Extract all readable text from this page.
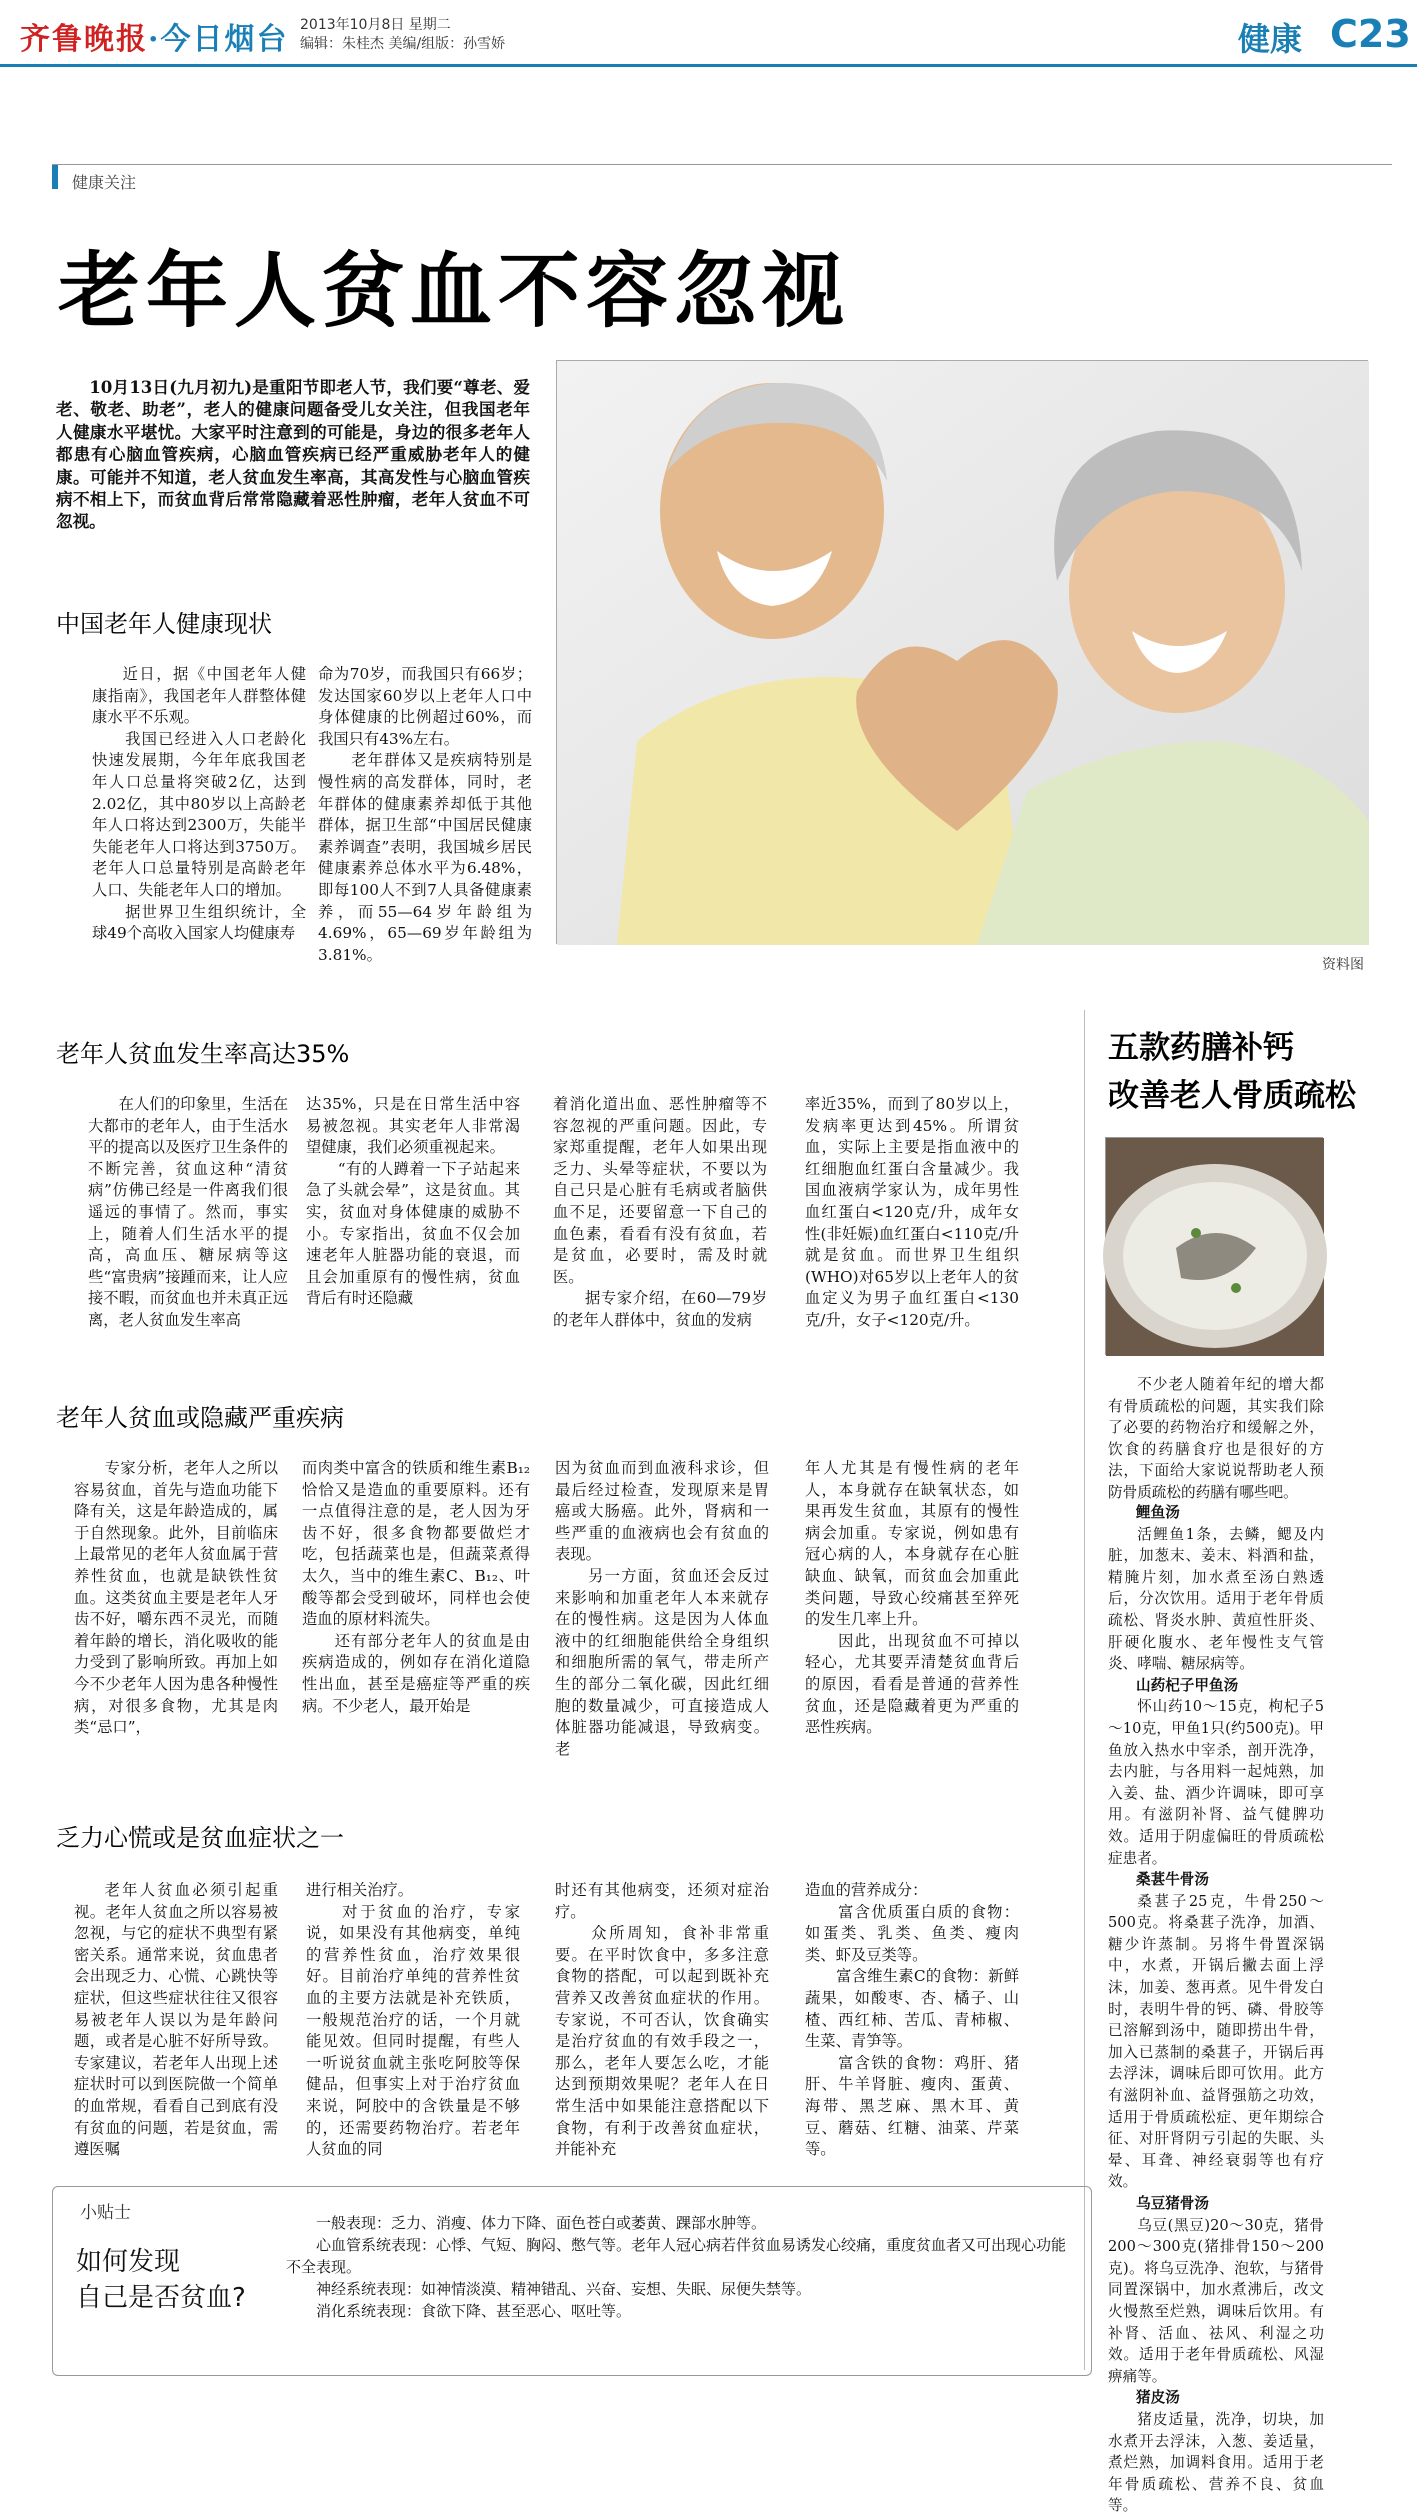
齐鲁晚报·今日烟台 2013年10月8日 星期二
编辑：朱桂杰 美编/组版：孙雪娇	健康 C23
健康关注
老年人贫血不容忽视
10月13日(九月初九)是重阳节即老人节，我们要“尊老、爱老、敬老、助老”，老人的健康问题备受儿女关注，但我国老年人健康水平堪忧。大家平时注意到的可能是，身边的很多老年人都患有心脑血管疾病，心脑血管疾病已经严重威胁老年人的健康。可能并不知道，老人贫血发生率高，其高发性与心脑血管疾病不相上下，而贫血背后常常隐藏着恶性肿瘤，老年人贫血不可忽视。
资料图
中国老年人健康现状
近日，据《中国老年人健康指南》，我国老年人群整体健康水平不乐观。
　　我国已经进入人口老龄化快速发展期，今年年底我国老年人口总量将突破2亿，达到2.02亿，其中80岁以上高龄老年人口将达到2300万，失能半失能老年人口将达到3750万。老年人口总量特别是高龄老年人口、失能老年人口的增加。
　　据世界卫生组织统计，全球49个高收入国家人均健康寿
命为70岁，而我国只有66岁；发达国家60岁以上老年人口中身体健康的比例超过60%，而我国只有43%左右。
　　老年群体又是疾病特别是慢性病的高发群体，同时，老年群体的健康素养却低于其他群体，据卫生部“中国居民健康素养调查”表明，我国城乡居民健康素养总体水平为6.48%，即每100人不到7人具备健康素养，而55—64岁年龄组为4.69%，65—69岁年龄组为3.81%。
老年人贫血发生率高达35%
在人们的印象里，生活在大都市的老年人，由于生活水平的提高以及医疗卫生条件的不断完善，贫血这种“清贫病”仿佛已经是一件离我们很遥远的事情了。然而，事实上，随着人们生活水平的提高，高血压、糖尿病等这些“富贵病”接踵而来，让人应接不暇，而贫血也并未真正远离，老人贫血发生率高
达35%，只是在日常生活中容易被忽视。其实老年人非常渴望健康，我们必须重视起来。
　　“有的人蹲着一下子站起来急了头就会晕”，这是贫血。其实，贫血对身体健康的威胁不小。专家指出，贫血不仅会加速老年人脏器功能的衰退，而且会加重原有的慢性病，贫血背后有时还隐藏
着消化道出血、恶性肿瘤等不容忽视的严重问题。因此，专家郑重提醒，老年人如果出现乏力、头晕等症状，不要以为自己只是心脏有毛病或者脑供血不足，还要留意一下自己的血色素，看看有没有贫血，若是贫血，必要时，需及时就医。
　　据专家介绍，在60—79岁的老年人群体中，贫血的发病
率近35%，而到了80岁以上，发病率更达到45%。所谓贫血，实际上主要是指血液中的红细胞血红蛋白含量减少。我国血液病学家认为，成年男性血红蛋白<120克/升，成年女性(非妊娠)血红蛋白<110克/升就是贫血。而世界卫生组织(WHO)对65岁以上老年人的贫血定义为男子血红蛋白<130克/升，女子<120克/升。
老年人贫血或隐藏严重疾病
专家分析，老年人之所以容易贫血，首先与造血功能下降有关，这是年龄造成的，属于自然现象。此外，目前临床上最常见的老年人贫血属于营养性贫血，也就是缺铁性贫血。这类贫血主要是老年人牙齿不好，嚼东西不灵光，而随着年龄的增长，消化吸收的能力受到了影响所致。再加上如今不少老年人因为患各种慢性病，对很多食物，尤其是肉类“忌口”，
而肉类中富含的铁质和维生素B₁₂恰恰又是造血的重要原料。还有一点值得注意的是，老人因为牙齿不好，很多食物都要做烂才吃，包括蔬菜也是，但蔬菜煮得太久，当中的维生素C、B₁₂、叶酸等都会受到破坏，同样也会使造血的原材料流失。
　　还有部分老年人的贫血是由疾病造成的，例如存在消化道隐性出血，甚至是癌症等严重的疾病。不少老人，最开始是
因为贫血而到血液科求诊，但最后经过检查，发现原来是胃癌或大肠癌。此外，肾病和一些严重的血液病也会有贫血的表现。
　　另一方面，贫血还会反过来影响和加重老年人本来就存在的慢性病。这是因为人体血液中的红细胞能供给全身组织和细胞所需的氧气，带走所产生的部分二氧化碳，因此红细胞的数量减少，可直接造成人体脏器功能减退，导致病变。老
年人尤其是有慢性病的老年人，本身就存在缺氧状态，如果再发生贫血，其原有的慢性病会加重。专家说，例如患有冠心病的人，本身就存在心脏缺血、缺氧，而贫血会加重此类问题，导致心绞痛甚至猝死的发生几率上升。
　　因此，出现贫血不可掉以轻心，尤其要弄清楚贫血背后的原因，看看是普通的营养性贫血，还是隐藏着更为严重的恶性疾病。
乏力心慌或是贫血症状之一
老年人贫血必须引起重视。老年人贫血之所以容易被忽视，与它的症状不典型有紧密关系。通常来说，贫血患者会出现乏力、心慌、心跳快等症状，但这些症状往往又很容易被老年人误以为是年龄问题，或者是心脏不好所导致。专家建议，若老年人出现上述症状时可以到医院做一个简单的血常规，看看自己到底有没有贫血的问题，若是贫血，需遵医嘱
进行相关治疗。
　　对于贫血的治疗，专家说，如果没有其他病变，单纯的营养性贫血，治疗效果很好。目前治疗单纯的营养性贫血的主要方法就是补充铁质，一般规范治疗的话，一个月就能见效。但同时提醒，有些人一听说贫血就主张吃阿胶等保健品，但事实上对于治疗贫血来说，阿胶中的含铁量是不够的，还需要药物治疗。若老年人贫血的同
时还有其他病变，还须对症治疗。
　　众所周知，食补非常重要。在平时饮食中，多多注意食物的搭配，可以起到既补充营养又改善贫血症状的作用。专家说，不可否认，饮食确实是治疗贫血的有效手段之一，那么，老年人要怎么吃，才能达到预期效果呢？老年人在日常生活中如果能注意搭配以下食物，有利于改善贫血症状，并能补充
造血的营养成分：
　　富含优质蛋白质的食物：如蛋类、乳类、鱼类、瘦肉类、虾及豆类等。
　　富含维生素C的食物：新鲜蔬果，如酸枣、杏、橘子、山楂、西红柿、苦瓜、青柿椒、生菜、青笋等。
　　富含铁的食物：鸡肝、猪肝、牛羊肾脏、瘦肉、蛋黄、海带、黑芝麻、黑木耳、黄豆、蘑菇、红糖、油菜、芹菜等。
五款药膳补钙
改善老人骨质疏松
不少老人随着年纪的增大都有骨质疏松的问题，其实我们除了必要的药物治疗和缓解之外，饮食的药膳食疗也是很好的方法，下面给大家说说帮助老人预防骨质疏松的药膳有哪些吧。
鲤鱼汤
活鲤鱼1条，去鳞，鳃及内脏，加葱末、姜末、料酒和盐，精腌片刻，加水煮至汤白熟透后，分次饮用。适用于老年骨质疏松、肾炎水肿、黄疸性肝炎、肝硬化腹水、老年慢性支气管炎、哮喘、糖尿病等。
山药杞子甲鱼汤
怀山药10～15克，枸杞子5～10克，甲鱼1只(约500克)。甲鱼放入热水中宰杀，剖开洗净，去内脏，与各用料一起炖熟，加入姜、盐、酒少许调味，即可享用。有滋阴补肾、益气健脾功效。适用于阴虚偏旺的骨质疏松症患者。
桑葚牛骨汤
桑葚子25克，牛骨250～500克。将桑葚子洗净，加酒、糖少许蒸制。另将牛骨置深锅中，水煮，开锅后撇去面上浮沫，加姜、葱再煮。见牛骨发白时，表明牛骨的钙、磷、骨胶等已溶解到汤中，随即捞出牛骨，加入已蒸制的桑葚子，开锅后再去浮沫，调味后即可饮用。此方有滋阴补血、益肾强筋之功效，适用于骨质疏松症、更年期综合征、对肝肾阴亏引起的失眠、头晕、耳聋、神经衰弱等也有疗效。
乌豆猪骨汤
乌豆(黑豆)20～30克，猪骨200～300克(猪排骨150～200克)。将乌豆洗净、泡软，与猪骨同置深锅中，加水煮沸后，改文火慢熬至烂熟，调味后饮用。有补肾、活血、祛风、利湿之功效。适用于老年骨质疏松、风湿痹痛等。
猪皮汤
猪皮适量，洗净，切块，加水煮开去浮沫，入葱、姜适量，煮烂熟，加调料食用。适用于老年骨质疏松、营养不良、贫血等。
小贴士
如何发现
自己是否贫血?
一般表现：乏力、消瘦、体力下降、面色苍白或萎黄、踝部水肿等。
心血管系统表现：心悸、气短、胸闷、憋气等。老年人冠心病若伴贫血易诱发心绞痛，重度贫血者又可出现心功能不全表现。
神经系统表现：如神情淡漠、精神错乱、兴奋、妄想、失眠、尿便失禁等。
消化系统表现：食欲下降、甚至恶心、呕吐等。
